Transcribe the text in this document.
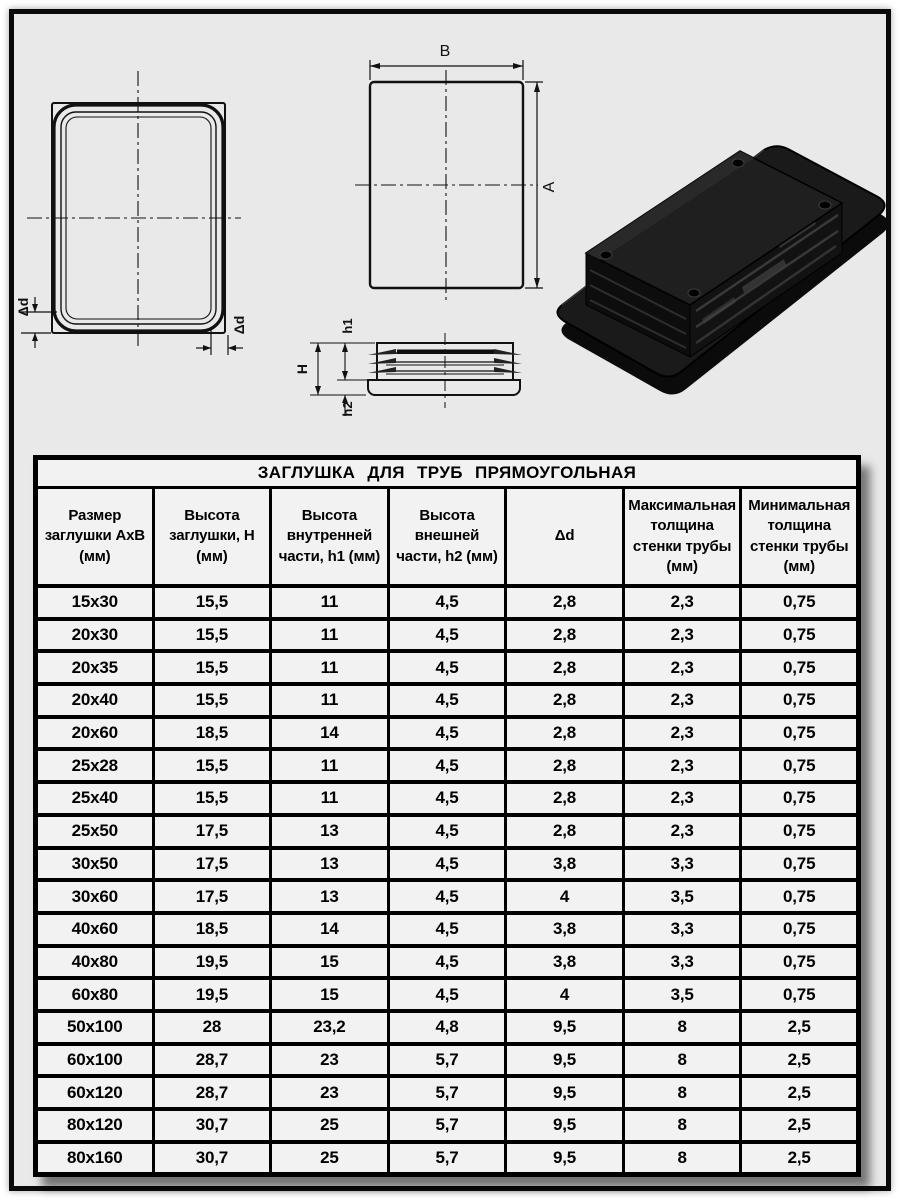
Δd
Δd
B
A
h1
H
h2
ЗАГЛУШКА ДЛЯ ТРУБ ПРЯМОУГОЛЬНАЯ						
Размер заглушки АхВ (мм)	Высота заглушки, Н (мм)	Высота внутренней части, h1 (мм)	Высота внешней части, h2 (мм)	Δd	Максимальная толщина стенки трубы (мм)	Минимальная толщина стенки трубы (мм)
15х30	15,5	11	4,5	2,8	2,3	0,75
20х30	15,5	11	4,5	2,8	2,3	0,75
20х35	15,5	11	4,5	2,8	2,3	0,75
20х40	15,5	11	4,5	2,8	2,3	0,75
20х60	18,5	14	4,5	2,8	2,3	0,75
25х28	15,5	11	4,5	2,8	2,3	0,75
25х40	15,5	11	4,5	2,8	2,3	0,75
25х50	17,5	13	4,5	2,8	2,3	0,75
30х50	17,5	13	4,5	3,8	3,3	0,75
30х60	17,5	13	4,5	4	3,5	0,75
40х60	18,5	14	4,5	3,8	3,3	0,75
40х80	19,5	15	4,5	3,8	3,3	0,75
60х80	19,5	15	4,5	4	3,5	0,75
50х100	28	23,2	4,8	9,5	8	2,5
60х100	28,7	23	5,7	9,5	8	2,5
60х120	28,7	23	5,7	9,5	8	2,5
80х120	30,7	25	5,7	9,5	8	2,5
80х160	30,7	25	5,7	9,5	8	2,5
